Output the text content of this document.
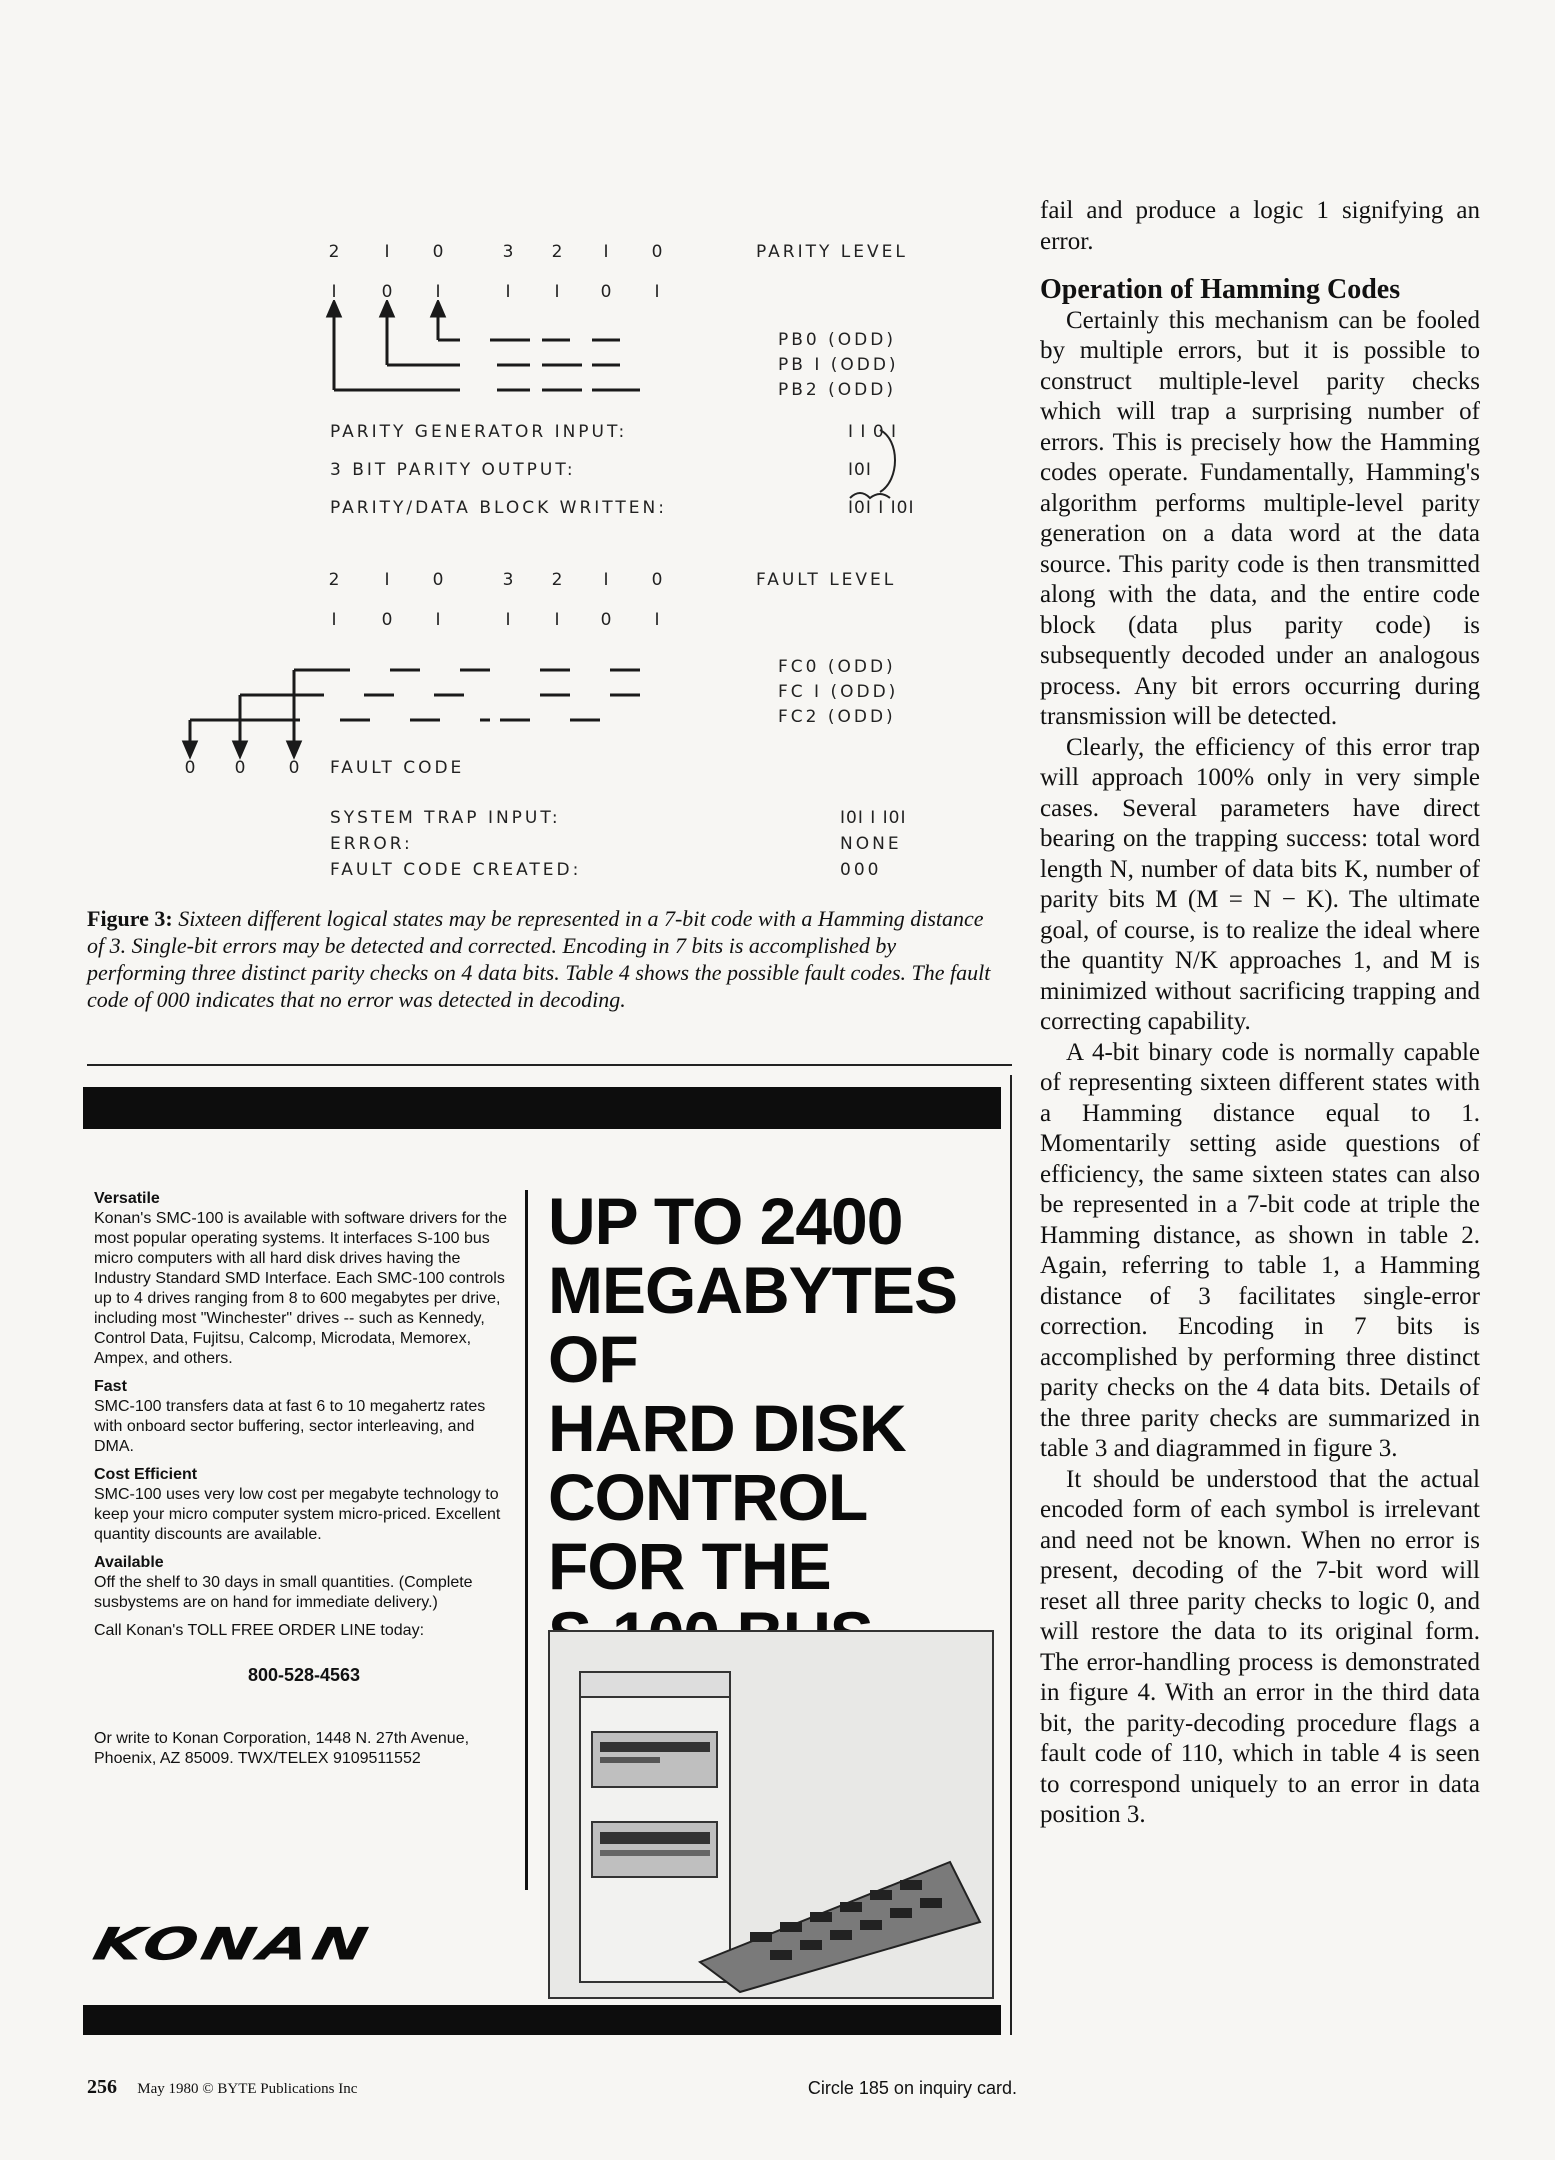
2	I	0	3 2	I	0	PARITY LEVEL
I	0	I	I	I	0	I
PB0 (ODD)
PB I (ODD)
PB2 (ODD)
PARITY GENERATOR INPUT:	I I 0 I
3 BIT PARITY OUTPUT:	I0I
PARITY/DATA BLOCK WRITTEN:	I0I I I0I
2	I	0	3 2	I	0	FAULT LEVEL
I	0	I	I	I	0	I
FC0 (ODD)
FC I (ODD)
FC2 (ODD)
0 0	0 FAULT CODE
SYSTEM TRAP INPUT:	I0I I I0I
ERROR:	NONE
FAULT CODE CREATED:	000
Figure 3: Sixteen different logical states may be represented in a 7-bit code with a Hamming distance of 3. Single-bit errors may be detected and corrected. Encoding in 7 bits is accomplished by performing three distinct parity checks on 4 data bits. Table 4 shows the possible fault codes. The fault code of 000 indicates that no error was detected in decoding.
Versatile
Konan's SMC-100 is available with software drivers for the most popular operating systems. It interfaces S-100 bus micro computers with all hard disk drives having the Industry Standard SMD Interface. Each SMC-100 controls up to 4 drives ranging from 8 to 600 megabytes per drive, including most "Winchester" drives -- such as Kennedy, Control Data, Fujitsu, Calcomp, Microdata, Memorex, Ampex, and others.
Fast
SMC-100 transfers data at fast 6 to 10 megahertz rates with onboard sector buffering, sector interleaving, and DMA.
Cost Efficient
SMC-100 uses very low cost per megabyte technology to keep your micro computer system micro-priced. Excellent quantity discounts are available.
Available
Off the shelf to 30 days in small quantities. (Complete susbystems are on hand for immediate delivery.)
Call Konan's TOLL FREE ORDER LINE today:
800-528-4563
Or write to Konan Corporation, 1448 N. 27th Avenue, Phoenix, AZ 85009. TWX/TELEX 9109511552
KONAN
UP TO 2400
MEGABYTES
OF
HARD DISK
CONTROL
FOR THE

fail and produce a logic 1 signifying an error.

Operation of Hamming Codes

Certainly this mechanism can be fooled by multiple errors, but it is possible to construct multiple-level parity checks which will trap a surprising number of errors. This is precisely how the Hamming codes operate. Fundamentally, Hamming's algorithm performs multiple-level parity generation on a data word at the data source. This parity code is then transmitted along with the data, and the entire code block (data plus parity code) is subsequently decoded under an analogous process. Any bit errors occurring during transmission will be detected.

Clearly, the efficiency of this error trap will approach 100% only in very simple cases. Several parameters have direct bearing on the trapping success: total word length N, number of data bits K, number of parity bits M (M = N − K). The ultimate goal, of course, is to realize the ideal where the quantity N/K approaches 1, and M is minimized without sacrificing trapping and correcting capability.

A 4-bit binary code is normally capable of representing sixteen different states with a Hamming distance equal to 1. Momentarily setting aside questions of efficiency, the same sixteen states can also be represented in a 7-bit code at triple the Hamming distance, as shown in table 2. Again, referring to table 1, a Hamming distance of 3 facilitates single-error correction. Encoding in 7 bits is accomplished by performing three distinct parity checks on the 4 data bits. Details of the three parity checks are summarized in table 3 and diagrammed in figure 3.

It should be understood that the actual encoded form of each symbol is irrelevant and need not be known. When no error is present, decoding of the 7-bit word will reset all three parity checks to logic 0, and will restore the data to its original form. The error-handling process is demonstrated in figure 4. With an error in the third data bit, the parity-decoding procedure flags a fault code of 110, which in table 4 is seen to correspond uniquely to an error in data position 3.

256 May 1980 © BYTE Publications Inc	Circle 185 on inquiry card.
